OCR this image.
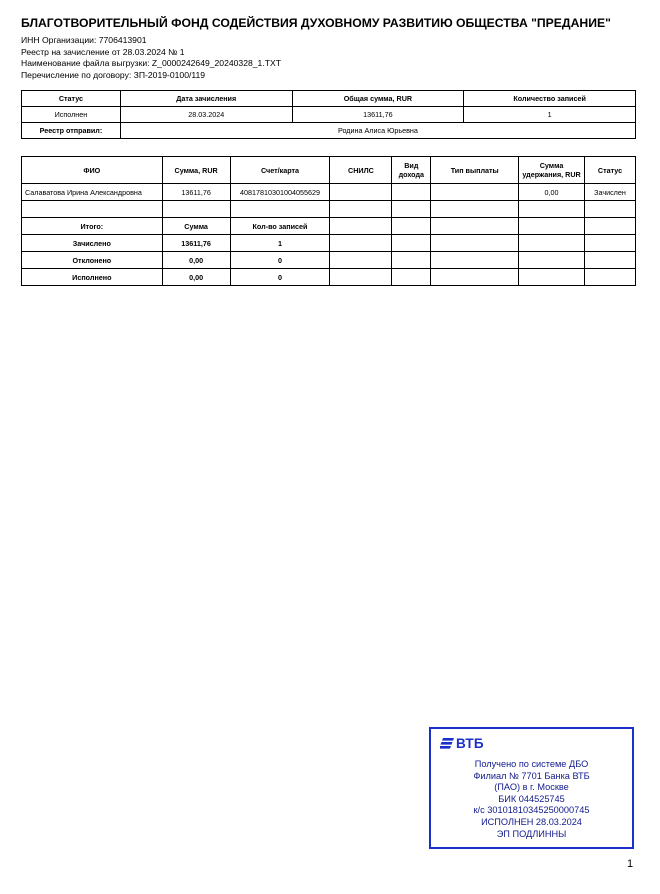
БЛАГОТВОРИТЕЛЬНЫЙ ФОНД СОДЕЙСТВИЯ ДУХОВНОМУ РАЗВИТИЮ ОБЩЕСТВА "ПРЕДАНИЕ"
ИНН Организации: 7706413901
Реестр на зачисление от 28.03.2024 № 1
Наименование файла выгрузки: Z_0000242649_20240328_1.TXT
Перечисление по договору: ЗП-2019-0100/119
Статус	Дата зачисления	Общая сумма, RUR	Количество записей
Исполнен	28.03.2024	13611,76	1
Реестр отправил:	Родина Алиса Юрьевна		
ФИО	Сумма, RUR	Счет/карта	СНИЛС	Вид дохода	Тип выплаты	Сумма удержания, RUR	Статус
Салаватова Ирина Александровна	13611,76	40817810301004055629				0,00	Зачислен

Итого:	Сумма	Кол-во записей					
Зачислено	13611,76	1					
Отклонено	0,00	0					
Исполнено	0,00	0					
ВТБ
Получено по системе ДБО
Филиал № 7701 Банка ВТБ
(ПАО) в г. Москве
БИК 044525745
к/с 30101810345250000745
ИСПОЛНЕН 28.03.2024
ЭП ПОДЛИННЫ
1
